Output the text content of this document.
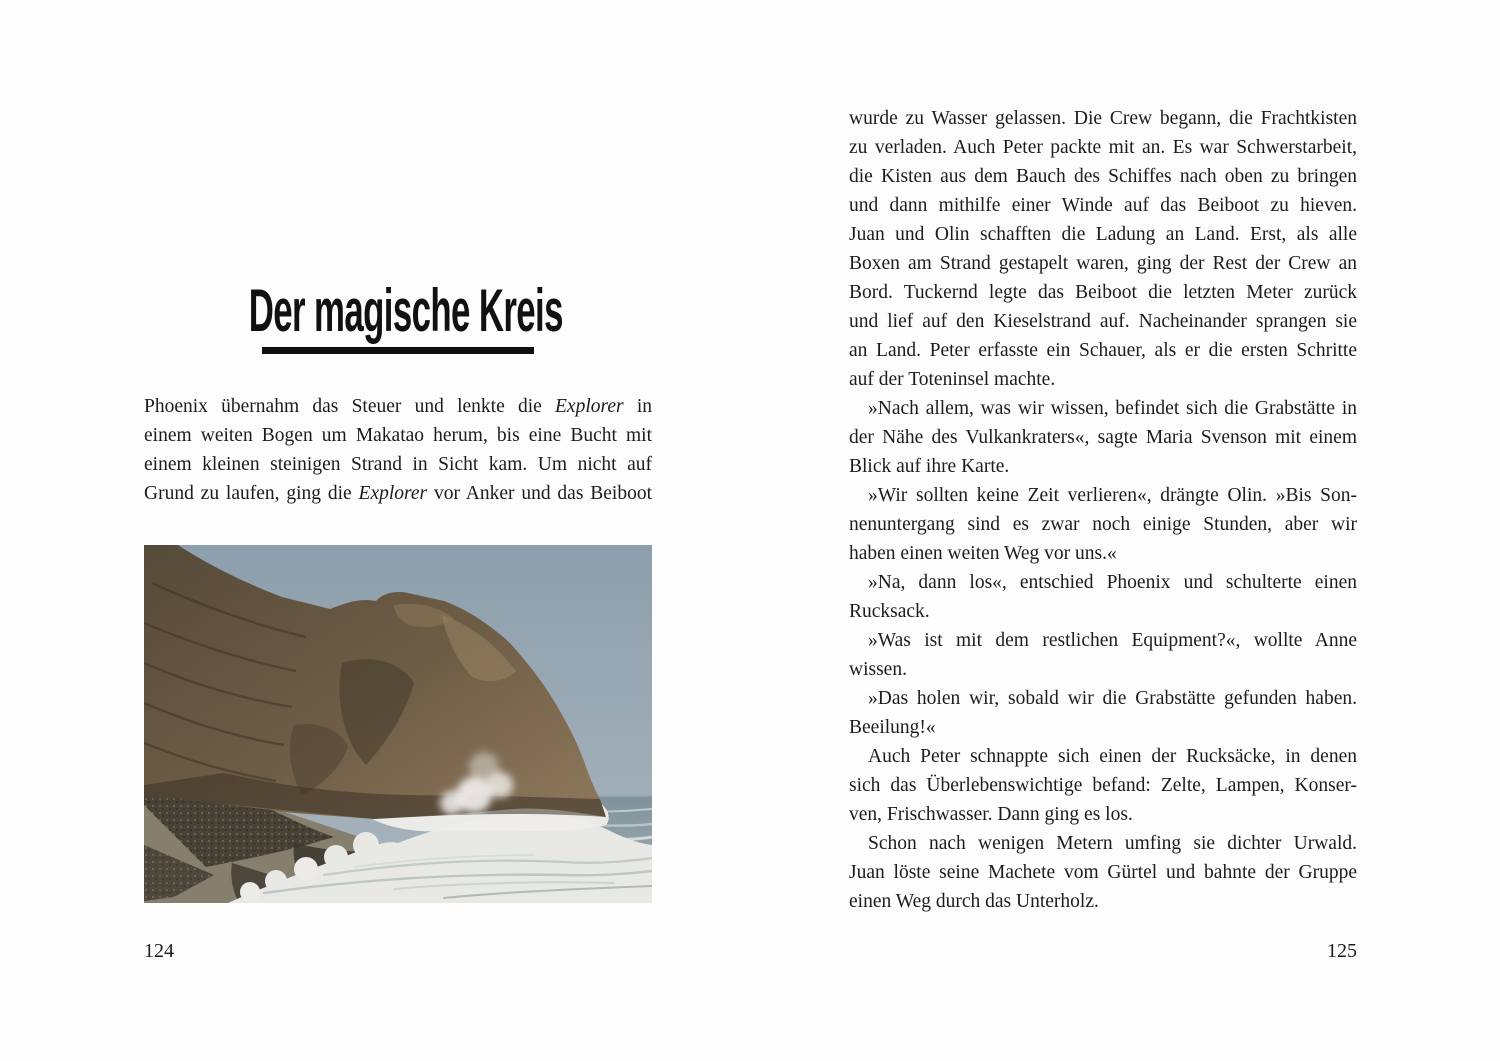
Der magische Kreis
Phoenix übernahm das Steuer und lenkte die Explorer in
einem weiten Bogen um Makatao herum, bis eine Bucht mit
einem kleinen steinigen Strand in Sicht kam. Um nicht auf
Grund zu laufen, ging die Explorer vor Anker und das Beiboot
124
wurde zu Wasser gelassen. Die Crew begann, die Frachtkisten
zu verladen. Auch Peter packte mit an. Es war Schwerstarbeit,
die Kisten aus dem Bauch des Schiffes nach oben zu bringen
und dann mithilfe einer Winde auf das Beiboot zu hieven.
Juan und Olin schafften die Ladung an Land. Erst, als alle
Boxen am Strand gestapelt waren, ging der Rest der Crew an
Bord. Tuckernd legte das Beiboot die letzten Meter zurück
und lief auf den Kieselstrand auf. Nacheinander sprangen sie
an Land. Peter erfasste ein Schauer, als er die ersten Schritte
auf der Toteninsel machte.
»Nach allem, was wir wissen, befindet sich die Grabstätte in
der Nähe des Vulkankraters«, sagte Maria Svenson mit einem
Blick auf ihre Karte.
»Wir sollten keine Zeit verlieren«, drängte Olin. »Bis Son-
nenuntergang sind es zwar noch einige Stunden, aber wir
haben einen weiten Weg vor uns.«
»Na, dann los«, entschied Phoenix und schulterte einen
Rucksack.
»Was ist mit dem restlichen Equipment?«, wollte Anne
wissen.
»Das holen wir, sobald wir die Grabstätte gefunden haben.
Beeilung!«
Auch Peter schnappte sich einen der Rucksäcke, in denen
sich das Überlebenswichtige befand: Zelte, Lampen, Konser-
ven, Frischwasser. Dann ging es los.
Schon nach wenigen Metern umfing sie dichter Urwald.
Juan löste seine Machete vom Gürtel und bahnte der Gruppe
einen Weg durch das Unterholz.
125
